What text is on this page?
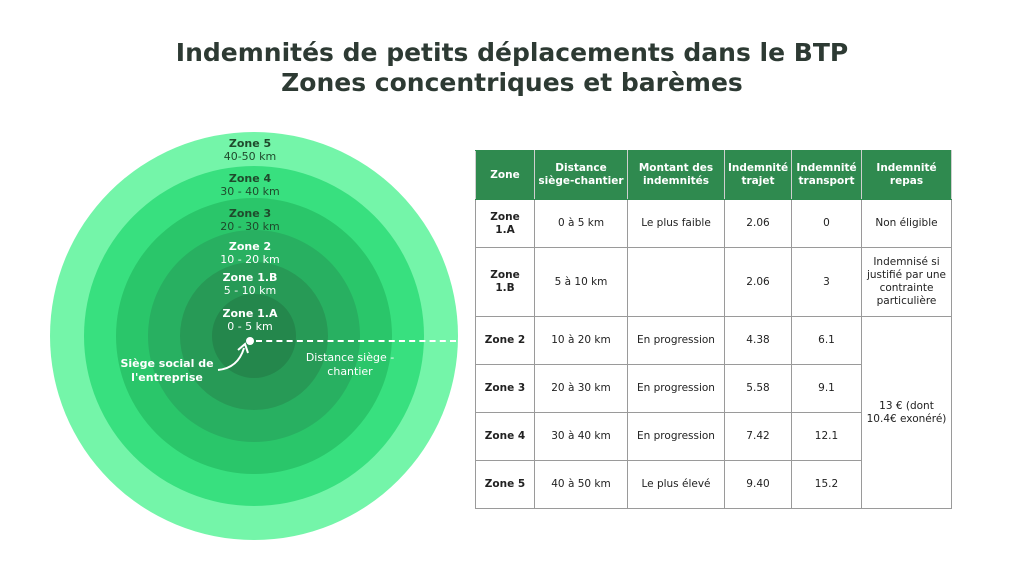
Indemnités de petits déplacements dans le BTP
Zones concentriques et barèmes
Zone 5
40-50 km
Zone 4
30 - 40 km
Zone 3
20 - 30 km
Zone 2
10 - 20 km
Zone 1.B
5 - 10 km
Zone 1.A
0 - 5 km
Siège social de l'entreprise
Distance siège - chantier
Zone	Distance siège-chantier	Montant des indemnités	Indemnité trajet	Indemnité transport	Indemnité repas
Zone 1.A	0 à 5 km	Le plus faible	2.06	0	Non éligible
Zone 1.B	5 à 10 km		2.06	3	Indemnisé si justifié par une contrainte particulière
Zone 2	10 à 20 km	En progression	4.38	6.1	13 € (dont 10.4€ exonéré)
Zone 3	20 à 30 km	En progression	5.58	9.1	
Zone 4	30 à 40 km	En progression	7.42	12.1	
Zone 5	40 à 50 km	Le plus élevé	9.40	15.2	
